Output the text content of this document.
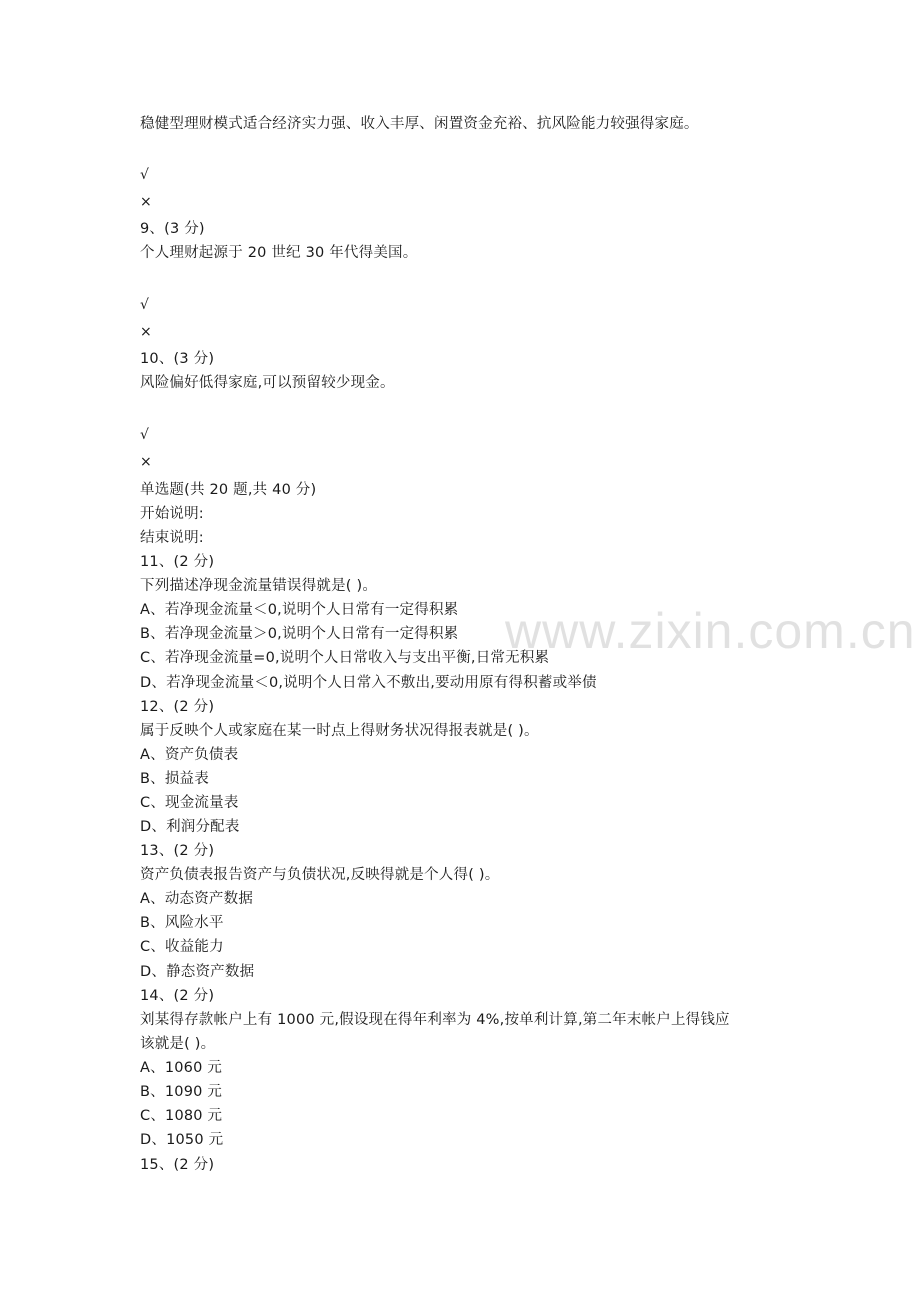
www.zixin.com.cn
稳健型理财模式适合经济实力强、收入丰厚、闲置资金充裕、抗风险能力较强得家庭。
√
×
9、(3 分)
个人理财起源于 20 世纪 30 年代得美国。
√
×
10、(3 分)
风险偏好低得家庭,可以预留较少现金。
√
×
单选题(共 20 题,共 40 分)
开始说明:
结束说明:
11、(2 分)
下列描述净现金流量错误得就是( )。
A、若净现金流量＜0,说明个人日常有一定得积累
B、若净现金流量＞0,说明个人日常有一定得积累
C、若净现金流量=0,说明个人日常收入与支出平衡,日常无积累
D、若净现金流量＜0,说明个人日常入不敷出,要动用原有得积蓄或举债
12、(2 分)
属于反映个人或家庭在某一时点上得财务状况得报表就是( )。
A、资产负债表
B、损益表
C、现金流量表
D、利润分配表
13、(2 分)
资产负债表报告资产与负债状况,反映得就是个人得( )。
A、动态资产数据
B、风险水平
C、收益能力
D、静态资产数据
14、(2 分)
刘某得存款帐户上有 1000 元,假设现在得年利率为 4%,按单利计算,第二年末帐户上得钱应
该就是( )。
A、1060 元
B、1090 元
C、1080 元
D、1050 元
15、(2 分)
